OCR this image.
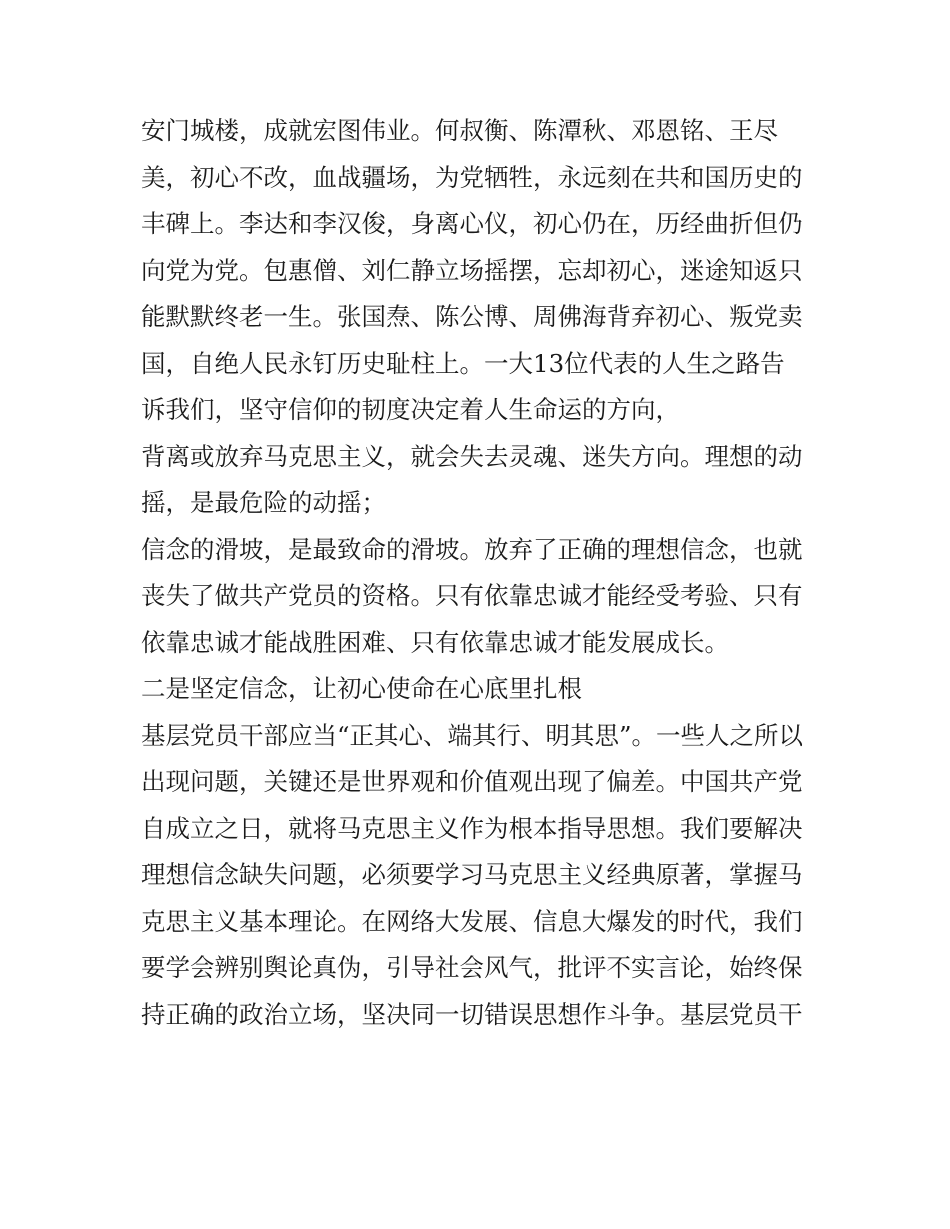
安门城楼，成就宏图伟业。何叔衡、陈潭秋、邓恩铭、王尽
美，初心不改，血战疆场，为党牺牲，永远刻在共和国历史的
丰碑上。李达和李汉俊，身离心仪，初心仍在，历经曲折但仍
向党为党。包惠僧、刘仁静立场摇摆，忘却初心，迷途知返只
能默默终老一生。张国焘、陈公博、周佛海背弃初心、叛党卖
国，自绝人民永钉历史耻柱上。一大13位代表的人生之路告
诉我们，坚守信仰的韧度决定着人生命运的方向，
背离或放弃马克思主义，就会失去灵魂、迷失方向。理想的动
摇，是最危险的动摇；
信念的滑坡，是最致命的滑坡。放弃了正确的理想信念，也就
丧失了做共产党员的资格。只有依靠忠诚才能经受考验、只有
依靠忠诚才能战胜困难、只有依靠忠诚才能发展成长。
二是坚定信念，让初心使命在心底里扎根
基层党员干部应当“正其心、端其行、明其思”。一些人之所以
出现问题，关键还是世界观和价值观出现了偏差。中国共产党
自成立之日，就将马克思主义作为根本指导思想。我们要解决
理想信念缺失问题，必须要学习马克思主义经典原著，掌握马
克思主义基本理论。在网络大发展、信息大爆发的时代，我们
要学会辨别舆论真伪，引导社会风气，批评不实言论，始终保
持正确的政治立场，坚决同一切错误思想作斗争。基层党员干
